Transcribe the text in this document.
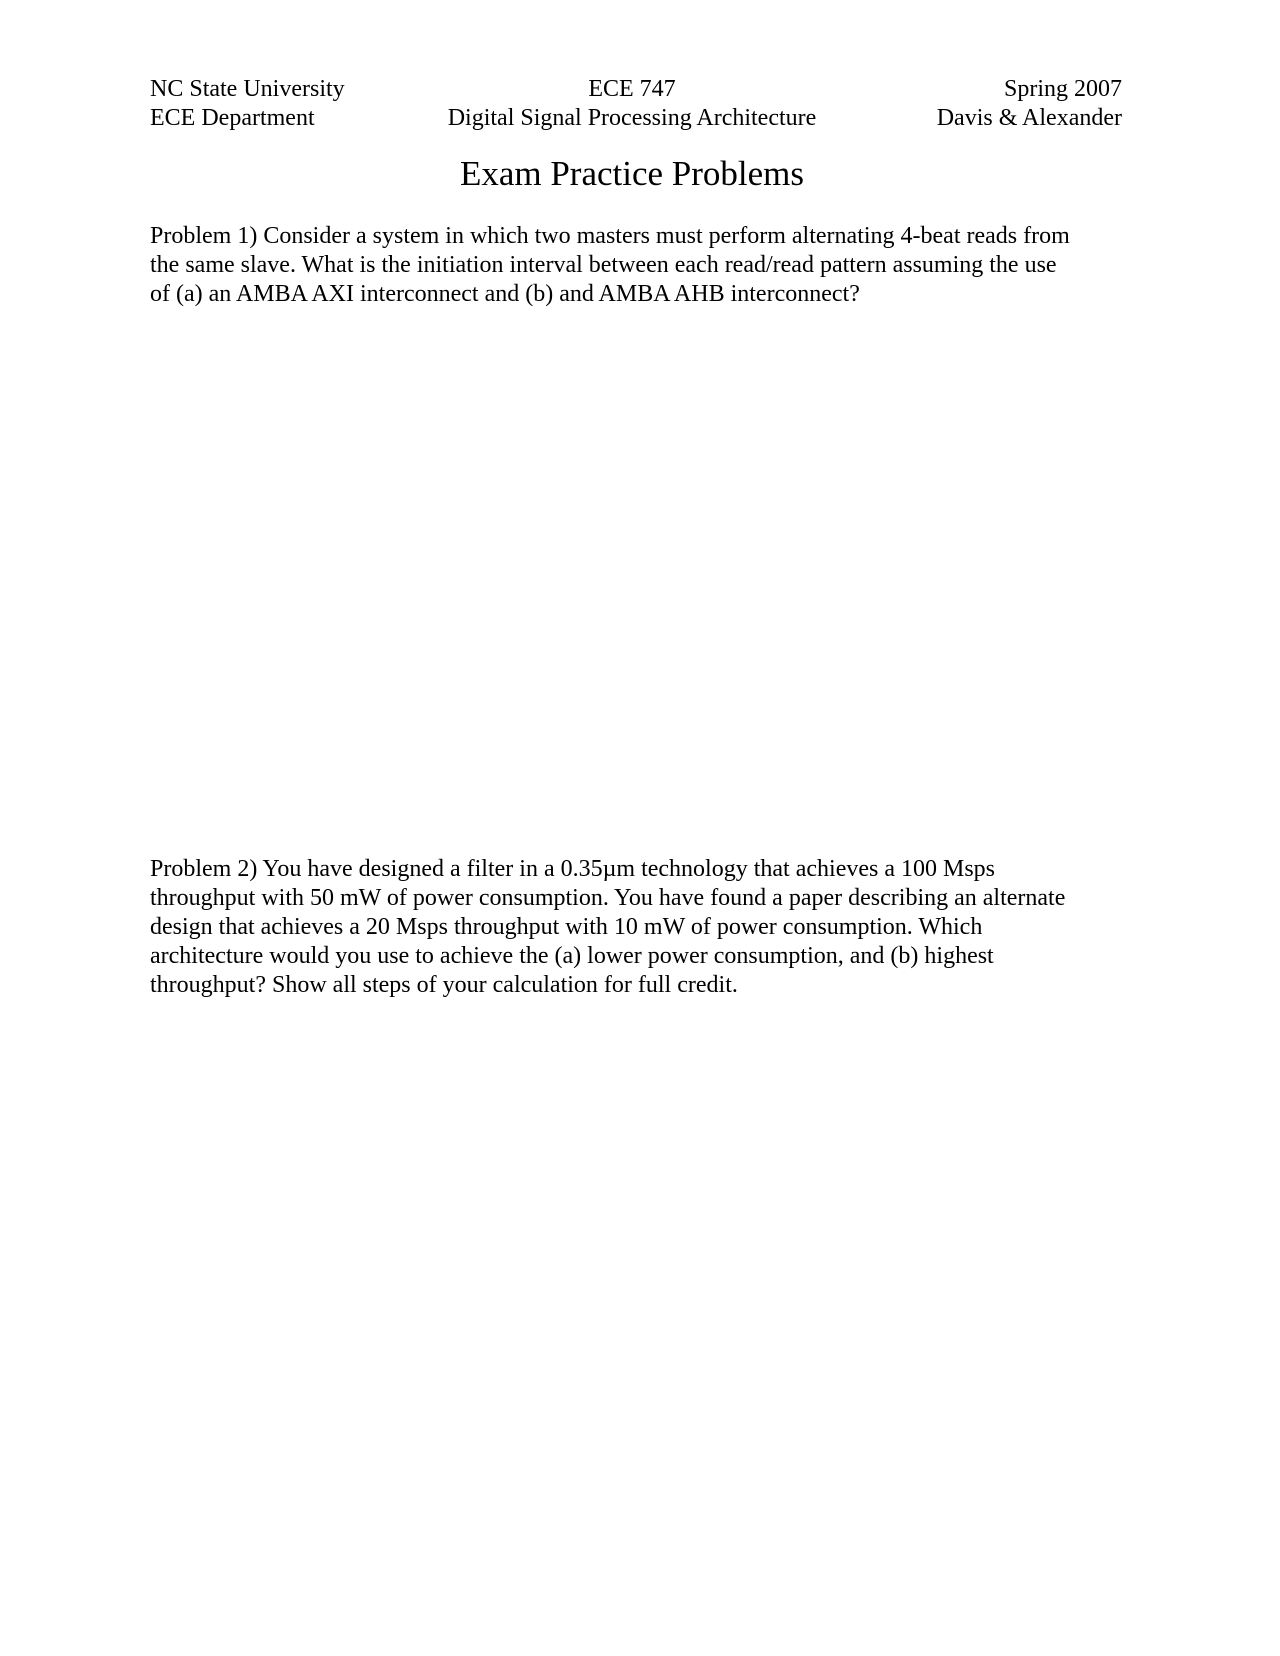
NC State University	ECE 747	Spring 2007
ECE Department	Digital Signal Processing Architecture	Davis & Alexander
Exam Practice Problems
Problem 1) Consider a system in which two masters must perform alternating 4-beat reads from
the same slave. What is the initiation interval between each read/read pattern assuming the use
of (a) an AMBA AXI interconnect and (b) and AMBA AHB interconnect?
Problem 2) You have designed a filter in a 0.35µm technology that achieves a 100 Msps
throughput with 50 mW of power consumption. You have found a paper describing an alternate
design that achieves a 20 Msps throughput with 10 mW of power consumption. Which
architecture would you use to achieve the (a) lower power consumption, and (b) highest
throughput? Show all steps of your calculation for full credit.
